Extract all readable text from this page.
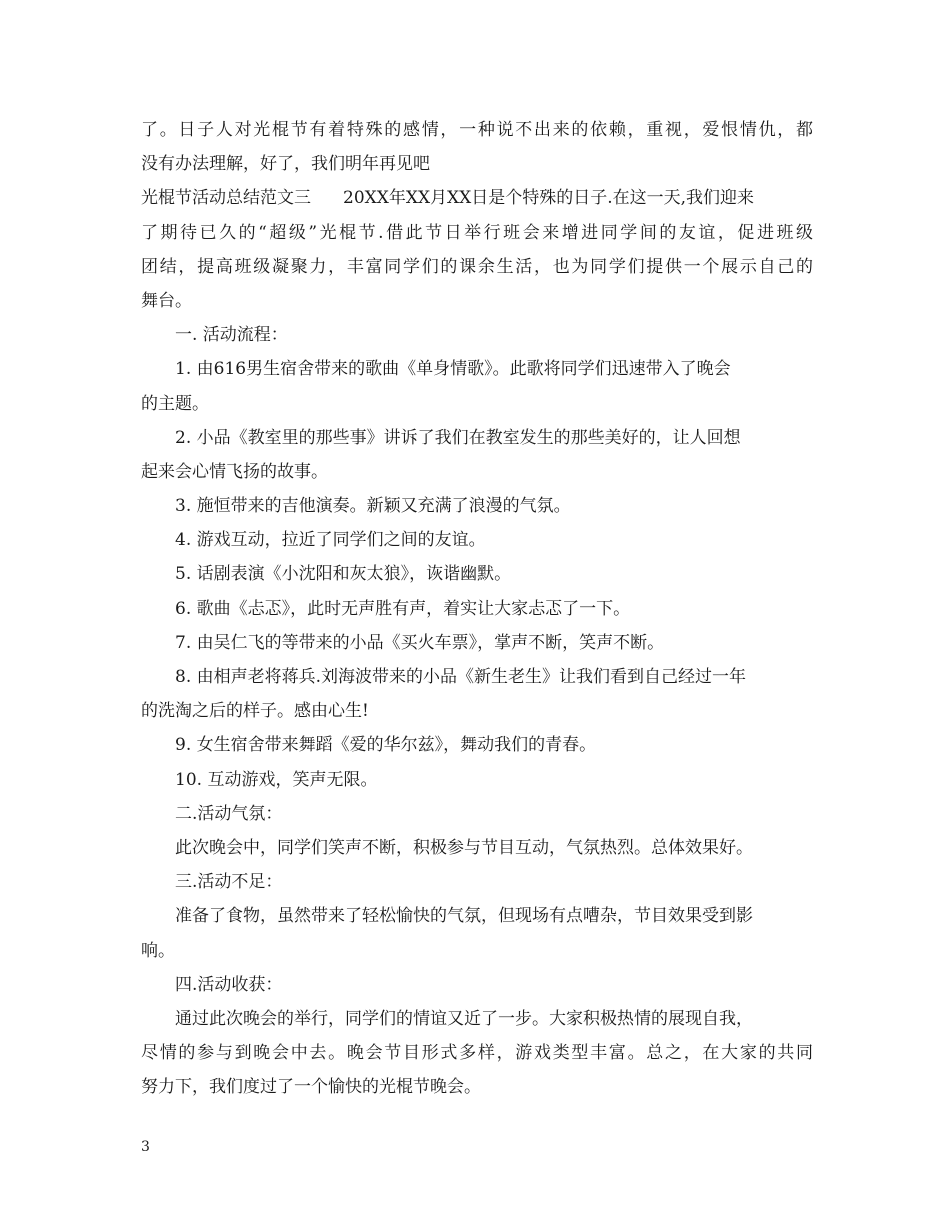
了。日子人对光棍节有着特殊的感情，一种说不出来的依赖，重视，爱恨情仇，都
没有办法理解，好了，我们明年再见吧
光棍节活动总结范文三 20XX年XX月XX日是个特殊的日子.在这一天,我们迎来
了期待已久的“超级”光棍节.借此节日举行班会来增进同学间的友谊，促进班级
团结，提高班级凝聚力，丰富同学们的课余生活，也为同学们提供一个展示自己的
舞台。
一. 活动流程：
1. 由616男生宿舍带来的歌曲《单身情歌》。此歌将同学们迅速带入了晚会
的主题。
2. 小品《教室里的那些事》讲诉了我们在教室发生的那些美好的，让人回想
起来会心情飞扬的故事。
3. 施恒带来的吉他演奏。新颖又充满了浪漫的气氛。
4. 游戏互动，拉近了同学们之间的友谊。
5. 话剧表演《小沈阳和灰太狼》，诙谐幽默。
6. 歌曲《忐忑》，此时无声胜有声，着实让大家忐忑了一下。
7. 由吴仁飞的等带来的小品《买火车票》，掌声不断，笑声不断。
8. 由相声老将蒋兵.刘海波带来的小品《新生老生》让我们看到自己经过一年
的洗淘之后的样子。感由心生!
9. 女生宿舍带来舞蹈《爱的华尔兹》，舞动我们的青春。
10. 互动游戏，笑声无限。
二.活动气氛：
此次晚会中，同学们笑声不断，积极参与节目互动，气氛热烈。总体效果好。
三.活动不足：
准备了食物，虽然带来了轻松愉快的气氛，但现场有点嘈杂，节目效果受到影
响。
四.活动收获：
通过此次晚会的举行，同学们的情谊又近了一步。大家积极热情的展现自我，
尽情的参与到晚会中去。晚会节目形式多样，游戏类型丰富。总之，在大家的共同
努力下，我们度过了一个愉快的光棍节晚会。
3
